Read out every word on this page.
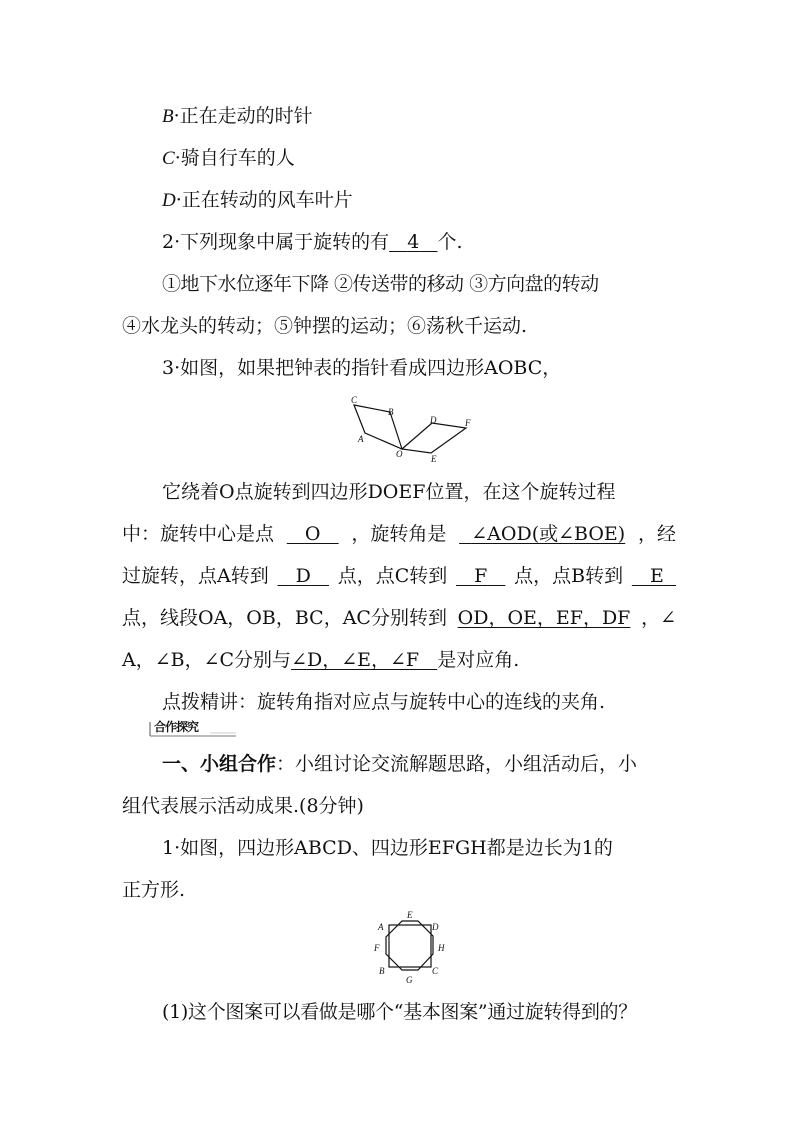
B·正在走动的时针
C·骑自行车的人
D·正在转动的风车叶片
2·下列现象中属于旋转的有 4 个.
①地下水位逐年下降 ②传送带的移动 ③方向盘的转动
④水龙头的转动；⑤钟摆的运动；⑥荡秋千运动.
3·如图，如果把钟表的指针看成四边形AOBC，
C
B
A
O
D	F
E
它绕着O点旋转到四边形DOEF位置，在这个旋转过程
中：旋转中心是点	O	，旋转角是	∠AOD(或∠BOE) ，经
过旋转，点A转到	D	点，点C转到	F	点，点B转到	E
点，线段OA，OB，BC，AC分别转到 OD，OE，EF，DF ，∠
A，∠B，∠C分别与∠D，∠E，∠F 是对应角.
点拨精讲：旋转角指对应点与旋转中心的连线的夹角.
合作探究
一、小组合作：小组讨论交流解题思路，小组活动后，小
组代表展示活动成果.(8分钟)
1·如图，四边形ABCD、四边形EFGH都是边长为1的
正方形.
A
E
D
F	H
B	C
G
(1)这个图案可以看做是哪个“基本图案”通过旋转得到的？
